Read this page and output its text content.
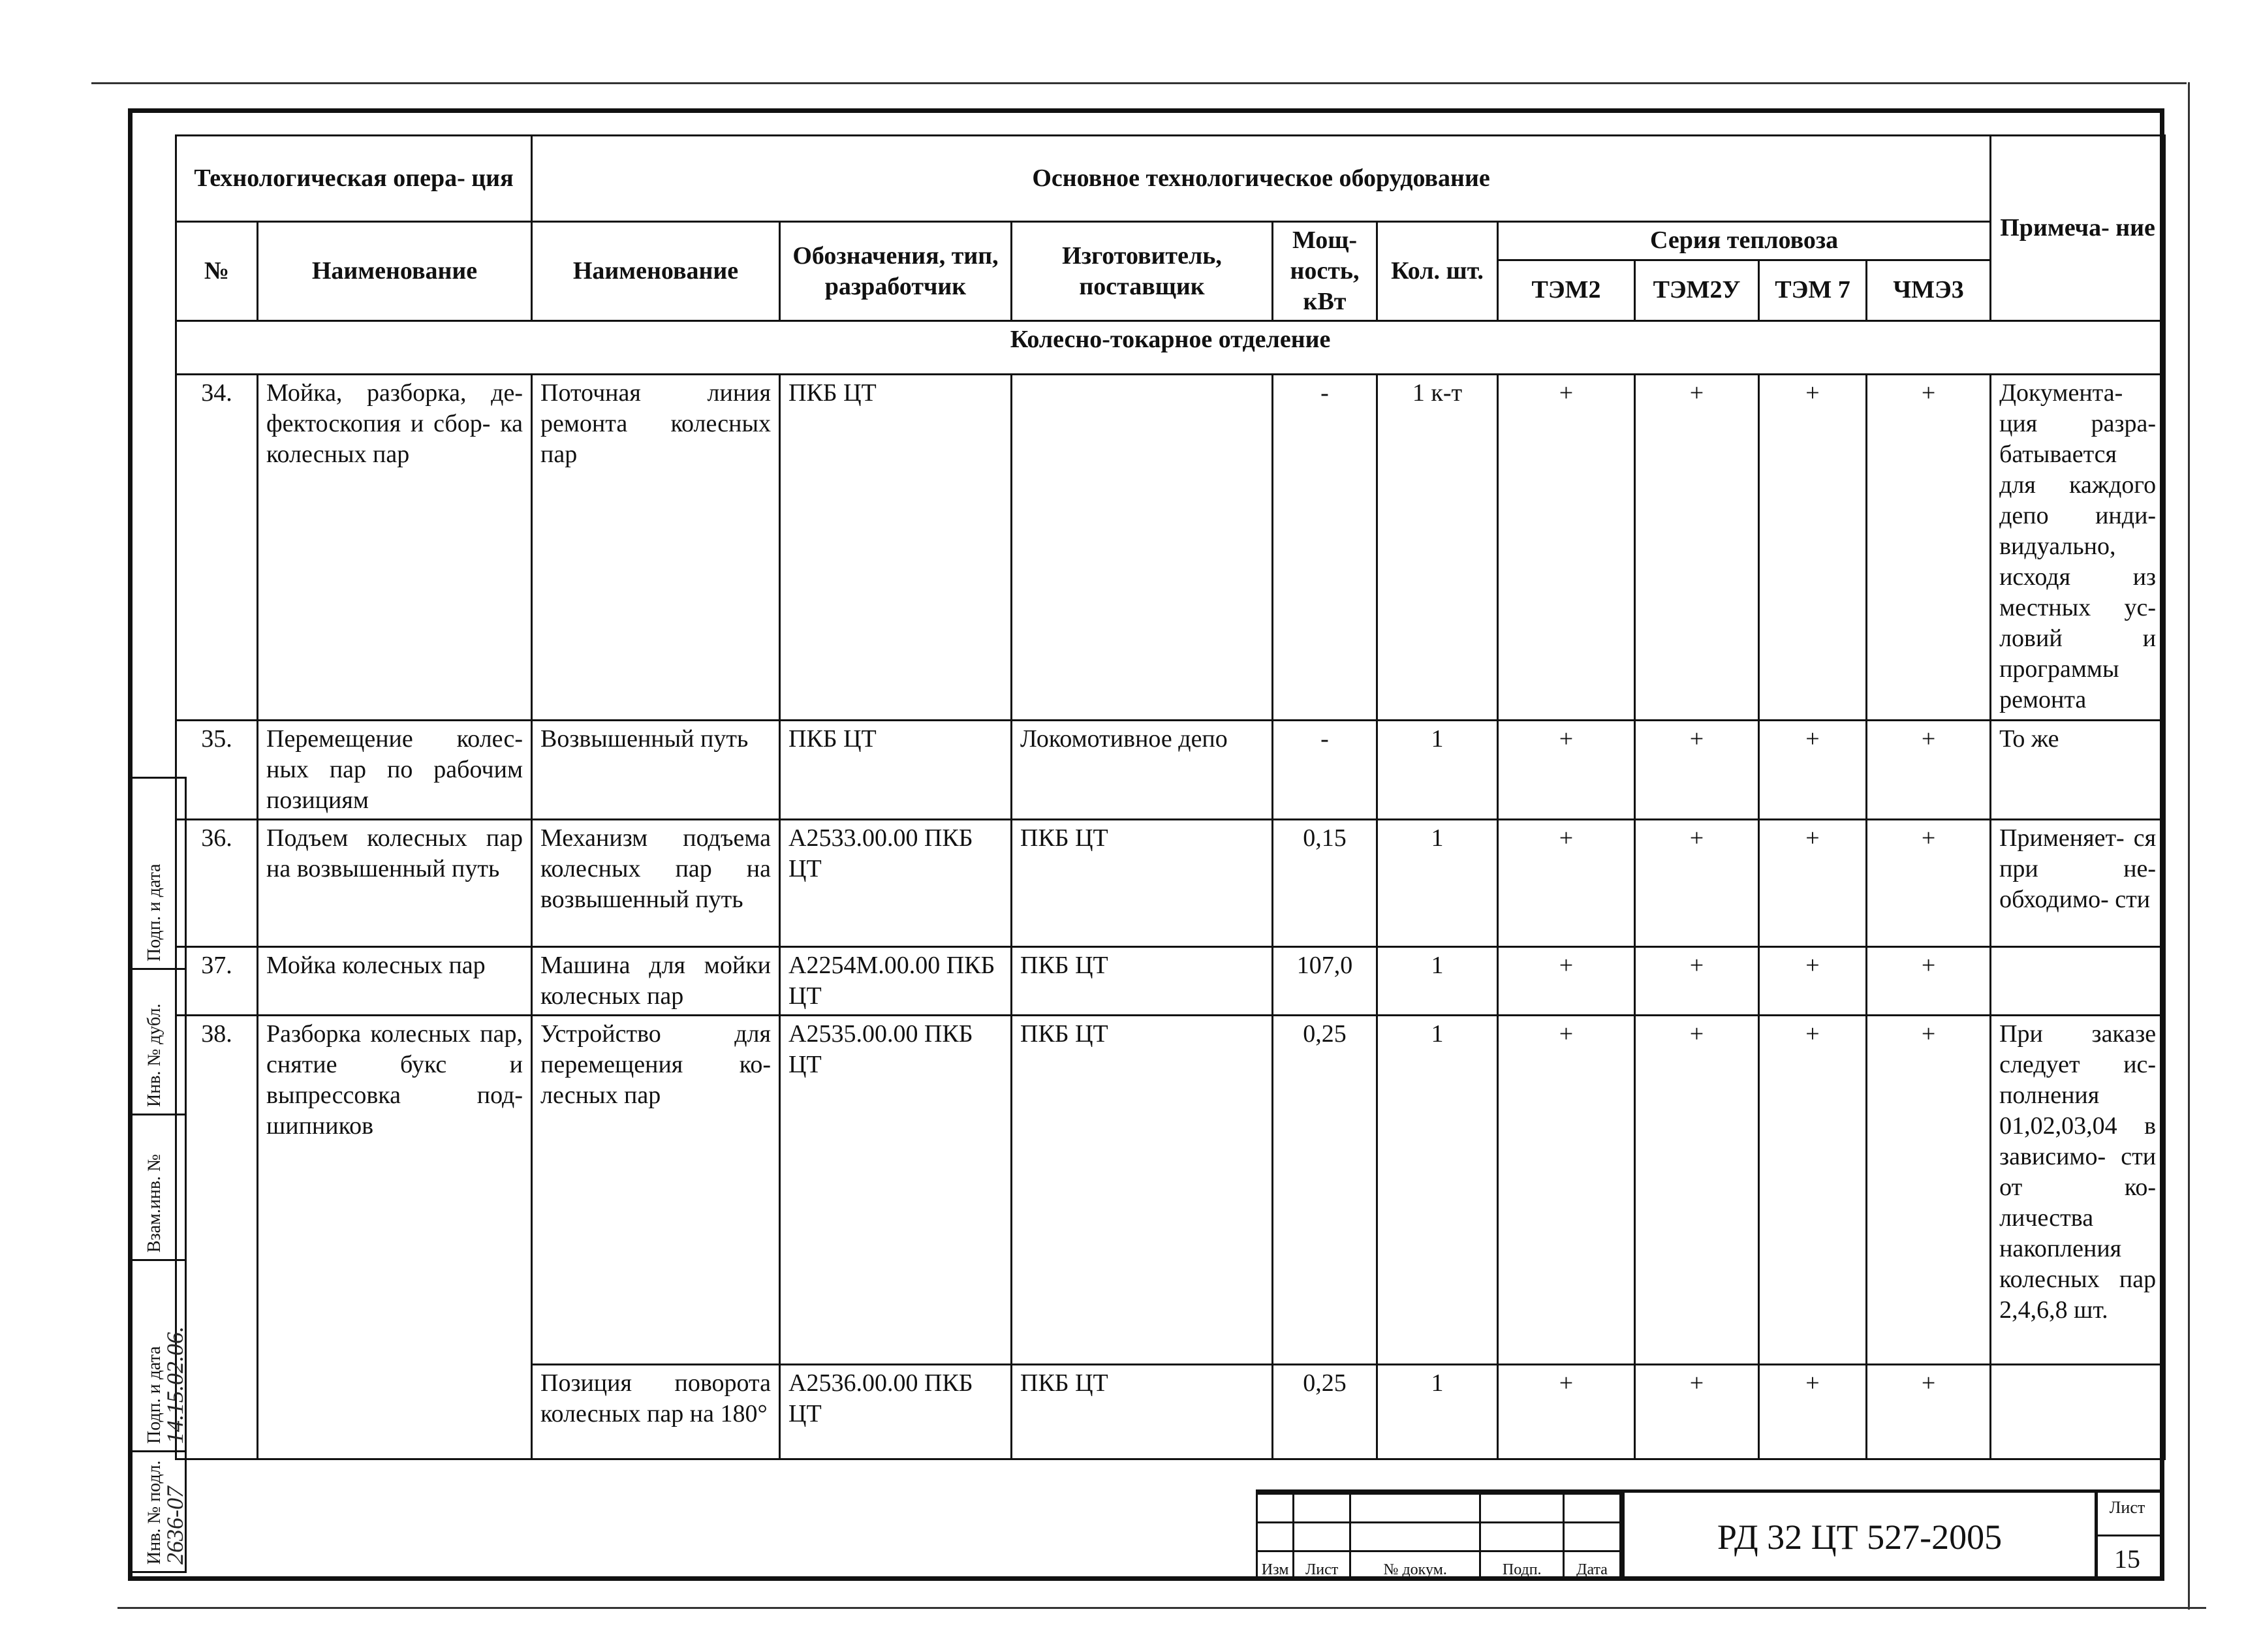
Технологическая опера- ция		Основное технологическое оборудование									Примеча- ние
№	Наименование	Наименование	Обозначения, тип, разработчик	Изготовитель, поставщик	Мощ- ность, кВт	Кол. шт.	Серия тепловоза				
							ТЭМ2	ТЭМ2У	ТЭМ 7	ЧМЭ3	
Колесно-токарное отделение											
34.	Мойка, разборка, де- фектоскопия и сбор- ка колесных пар	Поточная линия ремонта колесных пар	ПКБ ЦТ		-	1 к-т	+	+	+	+	Документа- ция разра- батывается для каждого депо инди- видуально, исходя из местных ус- ловий и программы ремонта
35.	Перемещение колес- ных пар по рабочим позициям	Возвышенный путь	ПКБ ЦТ	Локомотивное депо	-	1	+	+	+	+	То же
36.	Подъем колесных пар на возвышенный путь	Механизм подъема колесных пар на возвышенный путь	А2533.00.00 ПКБ ЦТ	ПКБ ЦТ	0,15	1	+	+	+	+	Применяет- ся при не- обходимо- сти
37.	Мойка колесных пар	Машина для мойки колесных пар	А2254М.00.00 ПКБ ЦТ	ПКБ ЦТ	107,0	1	+	+	+	+	
38.	Разборка колесных пар, снятие букс и выпрессовка под- шипников	Устройство для перемещения ко- лесных пар	А2535.00.00 ПКБ ЦТ	ПКБ ЦТ	0,25	1	+	+	+	+	При заказе следует ис- полнения 01,02,03,04 в зависимо- сти от ко- личества накопления колесных пар 2,4,6,8 шт.
		Позиция поворота колесных пар на 180°	А2536.00.00 ПКБ ЦТ	ПКБ ЦТ	0,25	1	+	+	+	+	
Подп. и дата
Инв. № дубл.
Взам.инв. №
Подп. и дата
14.15.02.06.
Инв. № подл.
2636-07

Изм	Лист	№ докум.	Подп.	Дата
РД 32 ЦТ 527-2005
Лист
15
